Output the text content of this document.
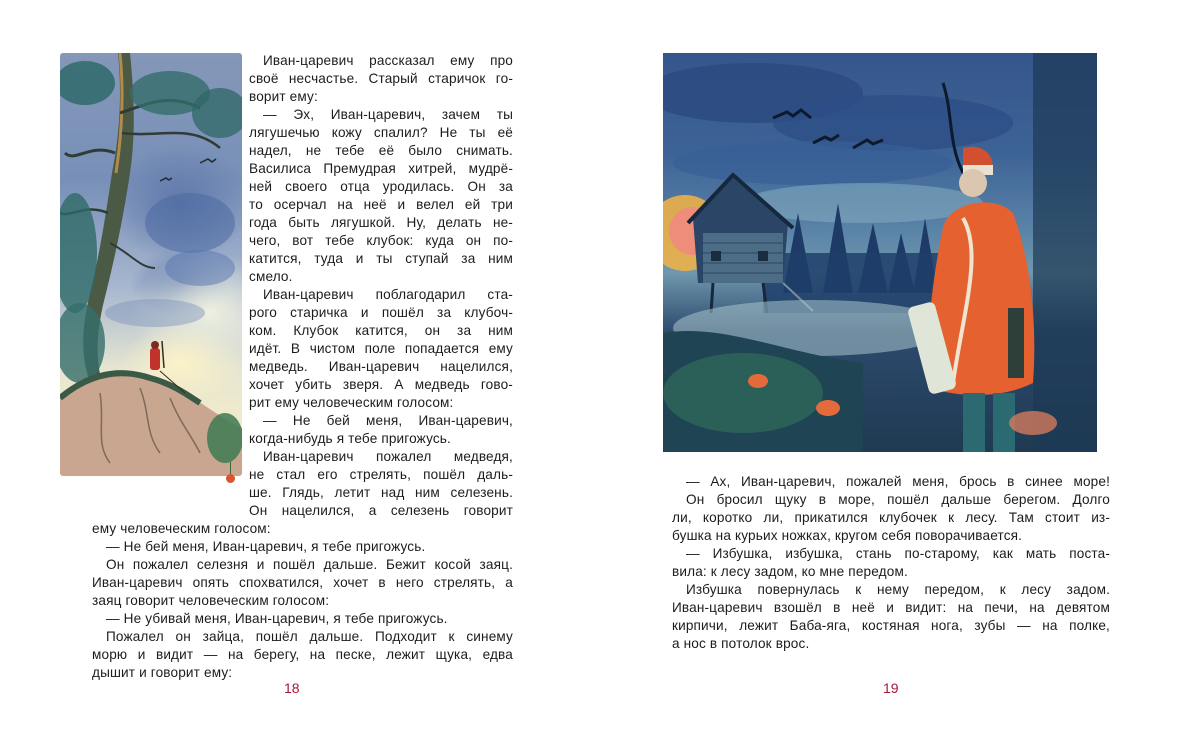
Иван-царевич рассказал ему про
своё несчастье. Старый старичок го-
ворит ему:
— Эх, Иван-царевич, зачем ты
лягушечью кожу спалил? Не ты её
надел, не тебе её было снимать.
Василиса Премудрая хитрей, мудрё-
ней своего отца уродилась. Он за
то осерчал на неё и велел ей три
года быть лягушкой. Ну, делать не-
чего, вот тебе клубок: куда он по-
катится, туда и ты ступай за ним
смело.
Иван-царевич поблагодарил ста-
рого старичка и пошёл за клубоч-
ком. Клубок катится, он за ним
идёт. В чистом поле попадается ему
медведь. Иван-царевич нацелился,
хочет убить зверя. А медведь гово-
рит ему человеческим голосом:
— Не бей меня, Иван-царевич,
когда-нибудь я тебе пригожусь.
Иван-царевич пожалел медведя,
не стал его стрелять, пошёл даль-
ше. Глядь, летит над ним селезень.
Он нацелился, а селезень говорит
ему человеческим голосом:
— Не бей меня, Иван-царевич, я тебе пригожусь.
Он пожалел селезня и пошёл дальше. Бежит косой заяц.
Иван-царевич опять спохватился, хочет в него стрелять, а
заяц говорит человеческим голосом:
— Не убивай меня, Иван-царевич, я тебе пригожусь.
Пожалел он зайца, пошёл дальше. Подходит к синему
морю и видит — на берегу, на песке, лежит щука, едва
дышит и говорит ему:
18
— Ах, Иван-царевич, пожалей меня, брось в синее море!
Он бросил щуку в море, пошёл дальше берегом. Долго
ли, коротко ли, прикатился клубочек к лесу. Там стоит из-
бушка на курьих ножках, кругом себя поворачивается.
— Избушка, избушка, стань по-старому, как мать поста-
вила: к лесу задом, ко мне передом.
Избушка повернулась к нему передом, к лесу задом.
Иван-царевич взошёл в неё и видит: на печи, на девятом
кирпичи, лежит Баба-яга, костяная нога, зубы — на полке,
а нос в потолок врос.
19
